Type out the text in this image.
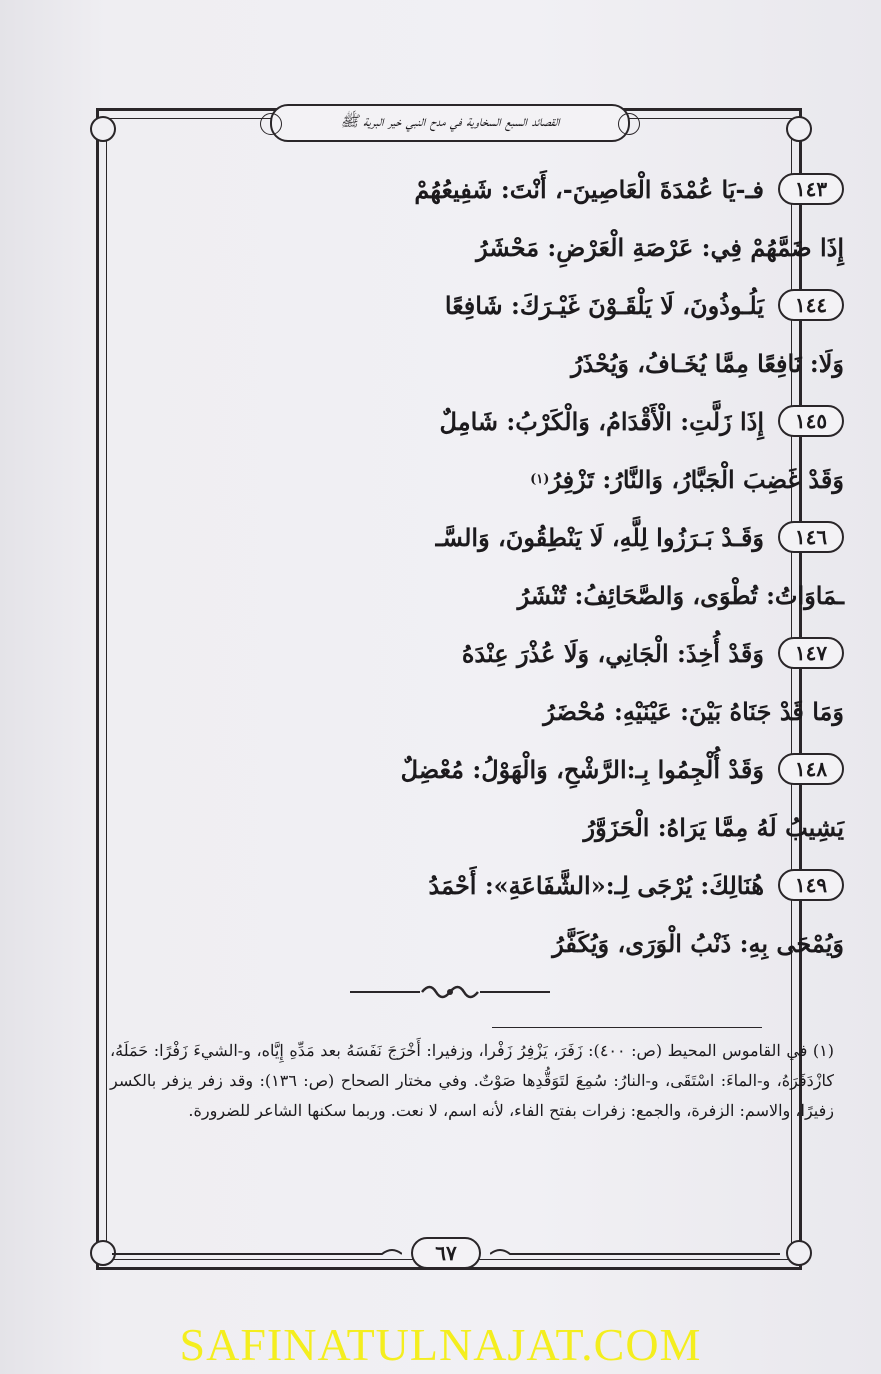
القصائد السبع السخاوية في مدح النبي خير البرية ﷺ
١٤٣
فـ-يَا عُمْدَةَ الْعَاصِينَ-، أَنْتَ: شَفِيعُهُمْ
إِذَا ضَمَّهُمْ فِي: عَرْصَةِ الْعَرْضِ: مَحْشَرُ
١٤٤
يَلُـوذُونَ، لَا يَلْقَـوْنَ غَيْـرَكَ: شَافِعًا
وَلَا: نَافِعًا مِمَّا يُخَـافُ، وَيُحْذَرُ
١٤٥
إِذَا زَلَّتِ: الْأَقْدَامُ، وَالْكَرْبُ: شَامِلٌ
وَقَدْ غَضِبَ الْجَبَّارُ، وَالنَّارُ: تَزْفِرُ
(١)
١٤٦
وَقَـدْ بَـرَزُوا لِلَّهِ، لَا يَنْطِقُونَ، وَالسَّـ
ـمَاوَاتُ: تُطْوَى، وَالصَّحَائِفُ: تُنْشَرُ
١٤٧
وَقَدْ أُخِذَ: الْجَانِي، وَلَا عُذْرَ عِنْدَهُ
وَمَا قَدْ جَنَاهُ بَيْنَ: عَيْنَيْهِ: مُحْضَرُ
١٤٨
وَقَدْ أُلْجِمُوا بِـ:الرَّشْحِ، وَالْهَوْلُ: مُعْضِلٌ
يَشِيبُ لَهُ مِمَّا يَرَاهُ: الْحَزَوَّرُ
١٤٩
هُنَالِكَ: يُرْجَى لِـ:«الشَّفَاعَةِ»: أَحْمَدُ
وَيُمْحَى بِهِ: ذَنْبُ الْوَرَى، وَيُكَفَّرُ

(١) في القاموس المحيط (ص: ٤٠٠): زَفَرَ، يَزْفِرُ زَفْرا، وزفيرا: أَخْرَجَ نَفَسَهُ بعد مَدِّهِ إِيَّاه، و-الشيءَ زَفْرًا: حَمَلَهُ، كازْدَفَرَهُ، و-الماءَ: اسْتَقَى، و-النارُ: سُمِعَ لتَوَقُّدِها صَوْتٌ. وفي مختار الصحاح (ص: ١٣٦): وقد زفر يزفر بالكسر زفيرًا، والاسم: الزفرة، والجمع: زفرات بفتح الفاء، لأنه اسم، لا نعت. وربما سكنها الشاعر للضرورة.

٦٧
SAFINATULNAJAT.COM
